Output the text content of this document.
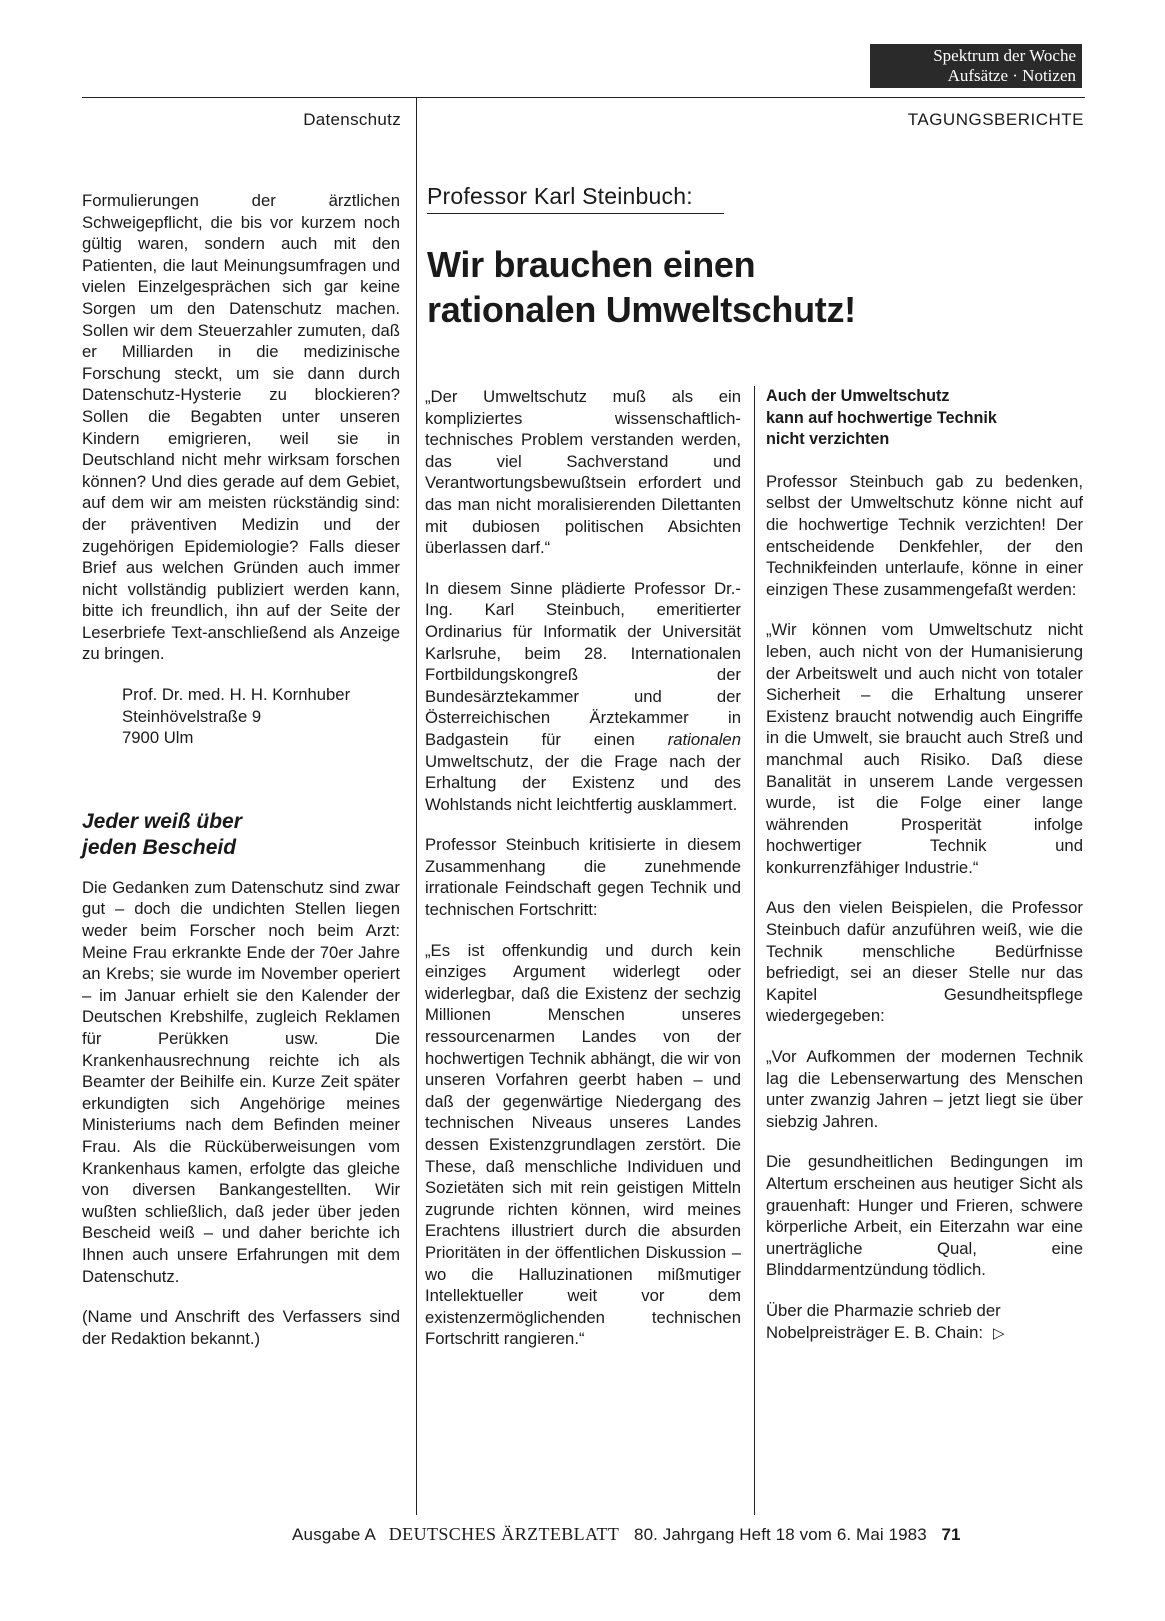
Spektrum der Woche
Aufsätze · Notizen
Datenschutz	TAGUNGSBERICHTE

Formulierungen der ärztlichen Schweigepflicht, die bis vor kurzem noch gültig waren, sondern auch mit den Patienten, die laut Meinungsumfragen und vielen Einzelgesprächen sich gar keine Sorgen um den Datenschutz machen. Sollen wir dem Steuerzahler zumuten, daß er Milliarden in die medizinische Forschung steckt, um sie dann durch Datenschutz-Hysterie zu blockieren? Sollen die Begabten unter unseren Kindern emigrieren, weil sie in Deutschland nicht mehr wirksam forschen können? Und dies gerade auf dem Gebiet, auf dem wir am meisten rückständig sind: der präventiven Medizin und der zugehörigen Epidemiologie? Falls dieser Brief aus welchen Gründen auch immer nicht vollständig publiziert werden kann, bitte ich freundlich, ihn auf der Seite der Leserbriefe Text-anschließend als Anzeige zu bringen.

Prof. Dr. med. H. H. Kornhuber
Steinhövelstraße 9
7900 Ulm
Jeder weiß über
jeden Bescheid

Die Gedanken zum Datenschutz sind zwar gut – doch die undichten Stellen liegen weder beim Forscher noch beim Arzt: Meine Frau erkrankte Ende der 70er Jahre an Krebs; sie wurde im November operiert – im Januar erhielt sie den Kalender der Deutschen Krebshilfe, zugleich Reklamen für Perükken usw. Die Krankenhausrechnung reichte ich als Beamter der Beihilfe ein. Kurze Zeit später erkundigten sich Angehörige meines Ministeriums nach dem Befinden meiner Frau. Als die Rücküberweisungen vom Krankenhaus kamen, erfolgte das gleiche von diversen Bankangestellten. Wir wußten schließlich, daß jeder über jeden Bescheid weiß – und daher berichte ich Ihnen auch unsere Erfahrungen mit dem Datenschutz.

(Name und Anschrift des Verfassers sind der Redaktion bekannt.)

Professor Karl Steinbuch:
Wir brauchen einen
rationalen Umweltschutz!

„Der Umweltschutz muß als ein kompliziertes wissenschaftlich-technisches Problem verstanden werden, das viel Sachverstand und Verantwortungsbewußtsein erfordert und das man nicht moralisierenden Dilettanten mit dubiosen politischen Absichten überlassen darf.“

In diesem Sinne plädierte Professor Dr.-Ing. Karl Steinbuch, emeritierter Ordinarius für Informatik der Universität Karlsruhe, beim 28. Internationalen Fortbildungskongreß der Bundesärztekammer und der Österreichischen Ärztekammer in Badgastein für einen rationalen Umweltschutz, der die Frage nach der Erhaltung der Existenz und des Wohlstands nicht leichtfertig ausklammert.

Professor Steinbuch kritisierte in diesem Zusammenhang die zunehmende irrationale Feindschaft gegen Technik und technischen Fortschritt:

„Es ist offenkundig und durch kein einziges Argument widerlegt oder widerlegbar, daß die Existenz der sechzig Millionen Menschen unseres ressourcenarmen Landes von der hochwertigen Technik abhängt, die wir von unseren Vorfahren geerbt haben – und daß der gegenwärtige Niedergang des technischen Niveaus unseres Landes dessen Existenzgrundlagen zerstört. Die These, daß menschliche Individuen und Sozietäten sich mit rein geistigen Mitteln zugrunde richten können, wird meines Erachtens illustriert durch die absurden Prioritäten in der öffentlichen Diskussion – wo die Halluzinationen mißmutiger Intellektueller weit vor dem existenzermöglichenden technischen Fortschritt rangieren.“

Auch der Umweltschutz
kann auf hochwertige Technik
nicht verzichten

Professor Steinbuch gab zu bedenken, selbst der Umweltschutz könne nicht auf die hochwertige Technik verzichten! Der entscheidende Denkfehler, der den Technikfeinden unterlaufe, könne in einer einzigen These zusammengefaßt werden:

„Wir können vom Umweltschutz nicht leben, auch nicht von der Humanisierung der Arbeitswelt und auch nicht von totaler Sicherheit – die Erhaltung unserer Existenz braucht notwendig auch Eingriffe in die Umwelt, sie braucht auch Streß und manchmal auch Risiko. Daß diese Banalität in unserem Lande vergessen wurde, ist die Folge einer lange währenden Prosperität infolge hochwertiger Technik und konkurrenzfähiger Industrie.“

Aus den vielen Beispielen, die Professor Steinbuch dafür anzuführen weiß, wie die Technik menschliche Bedürfnisse befriedigt, sei an dieser Stelle nur das Kapitel Gesundheitspflege wiedergegeben:

„Vor Aufkommen der modernen Technik lag die Lebenserwartung des Menschen unter zwanzig Jahren – jetzt liegt sie über siebzig Jahren.

Die gesundheitlichen Bedingungen im Altertum erscheinen aus heutiger Sicht als grauenhaft: Hunger und Frieren, schwere körperliche Arbeit, ein Eiterzahn war eine unerträgliche Qual, eine Blinddarmentzündung tödlich.

Über die Pharmazie schrieb der Nobelpreisträger E. B. Chain: ▷

Ausgabe A DEUTSCHES ÄRZTEBLATT 80. Jahrgang Heft 18 vom 6. Mai 1983 71
